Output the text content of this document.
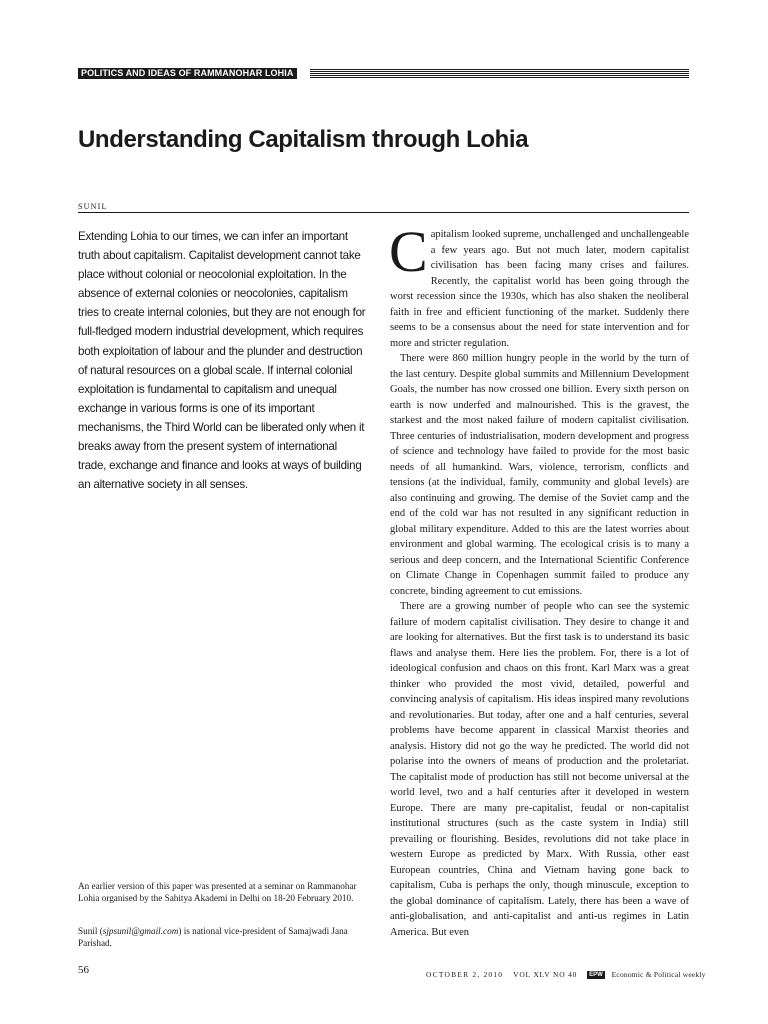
POLITICS AND IDEAS OF RAMMANOHAR LOHIA
Understanding Capitalism through Lohia
SUNIL

Extending Lohia to our times, we can infer an important truth about capitalism. Capitalist development cannot take place without colonial or neocolonial exploitation. In the absence of external colonies or neocolonies, capitalism tries to create internal colonies, but they are not enough for full-fledged modern industrial development, which requires both exploitation of labour and the plunder and destruction of natural resources on a global scale. If internal colonial exploitation is fundamental to capitalism and unequal exchange in various forms is one of its important mechanisms, the Third World can be liberated only when it breaks away from the present system of international trade, exchange and finance and looks at ways of building an alternative society in all senses.

An earlier version of this paper was presented at a seminar on Rammanohar Lohia organised by the Sahitya Akademi in Delhi on 18-20 February 2010.

Sunil (sjpsunil@gmail.com) is national vice-president of Samajwadi Jana Parishad.

56

Capitalism looked supreme, unchallenged and unchallengeable a few years ago. But not much later, modern capitalist civilisation has been facing many crises and failures. Recently, the capitalist world has been going through the worst recession since the 1930s, which has also shaken the neoliberal faith in free and efficient functioning of the market. Suddenly there seems to be a consensus about the need for state intervention and for more and stricter regulation.

There were 860 million hungry people in the world by the turn of the last century. Despite global summits and Millennium Development Goals, the number has now crossed one billion. Every sixth person on earth is now underfed and malnourished. This is the gravest, the starkest and the most naked failure of modern capitalist civilisation. Three centuries of industrialisation, modern development and progress of science and technology have failed to provide for the most basic needs of all humankind. Wars, violence, terrorism, conflicts and tensions (at the individual, family, community and global levels) are also continuing and growing. The demise of the Soviet camp and the end of the cold war has not resulted in any significant reduction in global military expenditure. Added to this are the latest worries about environment and global warming. The ecological crisis is to many a serious and deep concern, and the International Scientific Conference on Climate Change in Copenhagen summit failed to produce any concrete, binding agreement to cut emissions.

There are a growing number of people who can see the systemic failure of modern capitalist civilisation. They desire to change it and are looking for alternatives. But the first task is to understand its basic flaws and analyse them. Here lies the problem. For, there is a lot of ideological confusion and chaos on this front. Karl Marx was a great thinker who provided the most vivid, detailed, powerful and convincing analysis of capitalism. His ideas inspired many revolutions and revolutionaries. But today, after one and a half centuries, several problems have become apparent in classical Marxist theories and analysis. History did not go the way he predicted. The world did not polarise into the owners of means of production and the proletariat. The capitalist mode of production has still not become universal at the world level, two and a half centuries after it developed in western Europe. There are many pre-capitalist, feudal or non-capitalist institutional structures (such as the caste system in India) still prevailing or flourishing. Besides, revolutions did not take place in western Europe as predicted by Marx. With Russia, other east European countries, China and Vietnam having gone back to capitalism, Cuba is perhaps the only, though minuscule, exception to the global dominance of capitalism. Lately, there has been a wave of anti-globalisation, and anti-capitalist and anti-us regimes in Latin America. But even

OCTOBER 2, 2010 VOL XLV NO 40 EPW Economic & Political weekly
